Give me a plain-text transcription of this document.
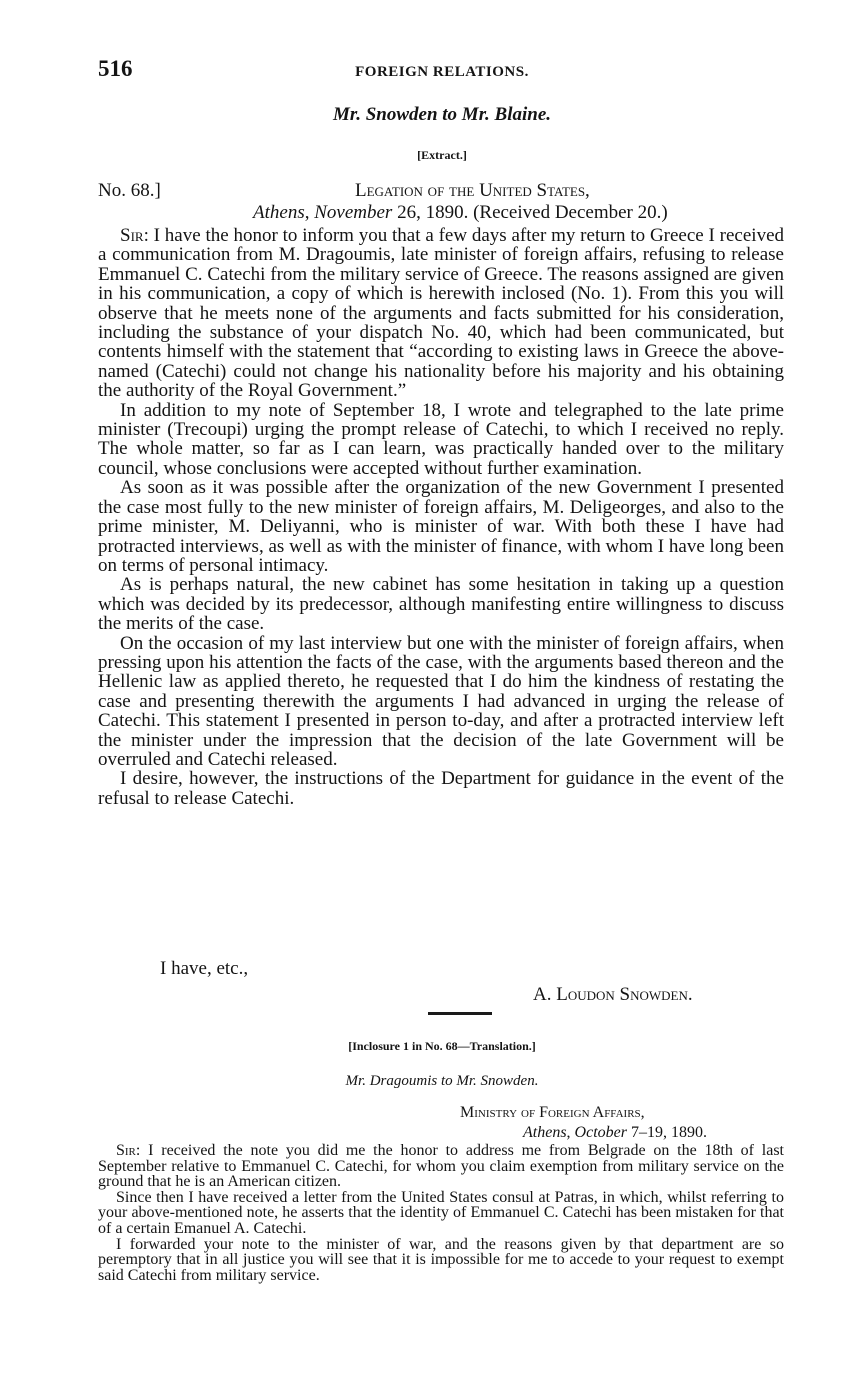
516	FOREIGN RELATIONS.
Mr. Snowden to Mr. Blaine.
[Extract.]
No. 68.]	Legation of the United States,
Athens, November 26, 1890. (Received December 20.)

Sir: I have the honor to inform you that a few days after my return to Greece I received a communication from M. Dragoumis, late minister of foreign affairs, refusing to release Emmanuel C. Catechi from the military service of Greece. The reasons assigned are given in his communication, a copy of which is herewith inclosed (No. 1). From this you will observe that he meets none of the arguments and facts submitted for his consideration, including the substance of your dispatch No. 40, which had been communicated, but contents himself with the statement that “according to existing laws in Greece the above-named (Catechi) could not change his nationality before his majority and his obtaining the authority of the Royal Government.”

In addition to my note of September 18, I wrote and telegraphed to the late prime minister (Trecoupi) urging the prompt release of Catechi, to which I received no reply. The whole matter, so far as I can learn, was practically handed over to the military council, whose conclusions were accepted without further examination.

As soon as it was possible after the organization of the new Government I presented the case most fully to the new minister of foreign affairs, M. Deligeorges, and also to the prime minister, M. Deliyanni, who is minister of war. With both these I have had protracted interviews, as well as with the minister of finance, with whom I have long been on terms of personal intimacy.

As is perhaps natural, the new cabinet has some hesitation in taking up a question which was decided by its predecessor, although manifesting entire willingness to discuss the merits of the case.

On the occasion of my last interview but one with the minister of foreign affairs, when pressing upon his attention the facts of the case, with the arguments based thereon and the Hellenic law as applied thereto, he requested that I do him the kindness of restating the case and presenting therewith the arguments I had advanced in urging the release of Catechi. This statement I presented in person to-day, and after a protracted interview left the minister under the impression that the decision of the late Government will be overruled and Catechi released.

I desire, however, the instructions of the Department for guidance in the event of the refusal to release Catechi.

I have, etc.,
A. Loudon Snowden.
[Inclosure 1 in No. 68—Translation.]
Mr. Dragoumis to Mr. Snowden.
Ministry of Foreign Affairs,
Athens, October 7–19, 1890.

Sir: I received the note you did me the honor to address me from Belgrade on the 18th of last September relative to Emmanuel C. Catechi, for whom you claim exemption from military service on the ground that he is an American citizen.

Since then I have received a letter from the United States consul at Patras, in which, whilst referring to your above-mentioned note, he asserts that the identity of Emmanuel C. Catechi has been mistaken for that of a certain Emanuel A. Catechi.

I forwarded your note to the minister of war, and the reasons given by that department are so peremptory that in all justice you will see that it is impossible for me to accede to your request to exempt said Catechi from military service.
